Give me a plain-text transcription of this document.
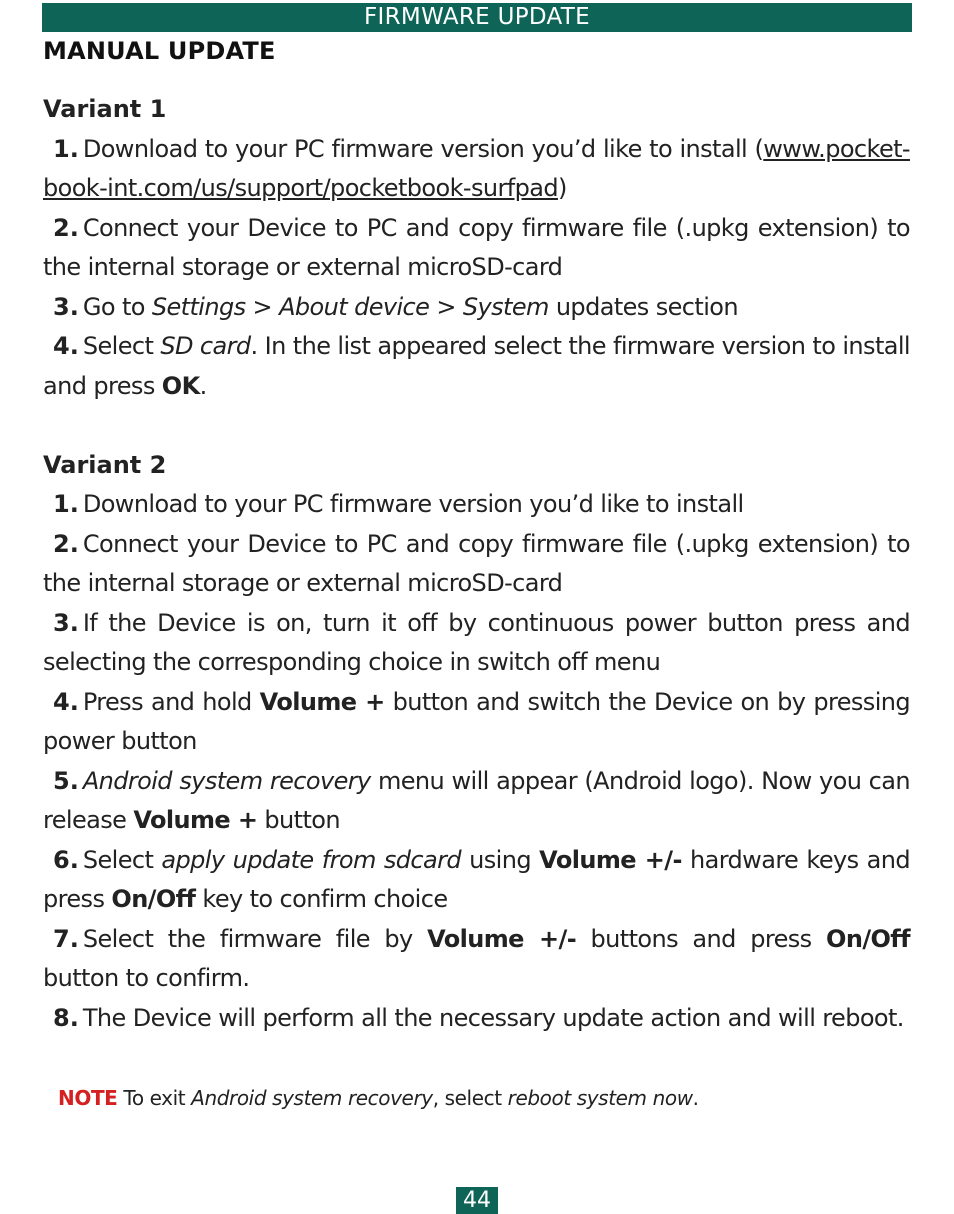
FIRMWARE UPDATE
MANUAL UPDATE
Variant 1
1. Download to your PC firmware version you’d like to install (www.pocket-book-int.com/us/support/pocketbook-surfpad)
2. Connect your Device to PC and copy firmware file (.upkg extension) to the internal storage or external microSD-card
3. Go to Settings > About device > System updates section
4. Select SD card. In the list appeared select the firmware version to install and press OK.
Variant 2
1. Download to your PC firmware version you’d like to install
2. Connect your Device to PC and copy firmware file (.upkg extension) to the internal storage or external microSD-card
3. If the Device is on, turn it off by continuous power button press and selecting the corresponding choice in switch off menu
4. Press and hold Volume + button and switch the Device on by pressing power button
5. Android system recovery menu will appear (Android logo). Now you can release Volume + button
6. Select apply update from sdcard using Volume +/- hardware keys and press On/Off key to confirm choice
7. Select the firmware file by Volume +/- buttons and press On/Off button to confirm.
8. The Device will perform all the necessary update action and will reboot.
NOTE To exit Android system recovery, select reboot system now.
44
